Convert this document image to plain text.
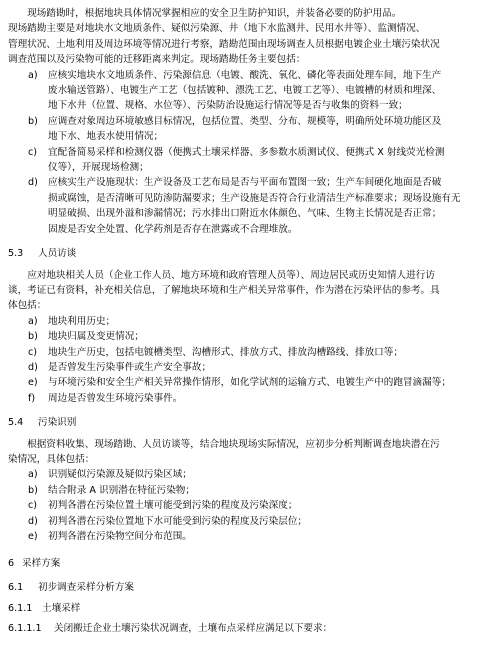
现场踏勘时，根据地块具体情况掌握相应的安全卫生防护知识，并装备必要的防护用品。
现场踏勘主要是对地块水文地质条件、疑似污染源、井（地下水监测井、民用水井等）、监测情况、
管理状况、土地利用及周边环境等情况进行考察，踏勘范围由现场调查人员根据电镀企业土壤污染状况
调查范围以及污染物可能的迁移距离来判定。现场踏勘任务主要包括：

a) 应核实地块水文地质条件、污染源信息（电镀、酸洗、氧化、磷化等表面处理车间，地下生产
废水输送管路）、电镀生产工艺（包括镀种、漂洗工艺、电镀工艺等）、电镀槽的材质和埋深、
地下水井（位置、规格、水位等）、污染防治设施运行情况等是否与收集的资料一致；
b) 应调查对象周边环境敏感目标情况，包括位置、类型、分布、规模等，明确所处环境功能区及
地下水、地表水使用情况；
c) 宜配备简易采样和检测仪器（便携式土壤采样器、多参数水质测试仪、便携式 X 射线荧光检测
仪等），开展现场检测；
d) 应核实生产设施现状：生产设备及工艺布局是否与平面布置图一致；生产车间硬化地面是否破
损或腐蚀，是否清晰可见防渗防漏要求；生产设施是否符合行业清洁生产标准要求；现场设施有无
明显破损、出现外溢和渗漏情况；污水排出口附近水体颜色、气味、生物主长情况是否正常；
固废是否安全处置、化学药剂是否存在泄露或不合理堆放。
5.3 人员访谈

应对地块相关人员（企业工作人员、地方环境和政府管理人员等）、周边居民或历史知情人进行访
谈，考证已有资料，补充相关信息，了解地块环境和生产相关异常事件，作为潜在污染评估的参考。具
体包括：

a) 地块利用历史；
b) 地块归属及变更情况；
c) 地块生产历史，包括电镀槽类型、沟槽形式、排放方式、排放沟槽路线、排放口等；
d) 是否曾发生污染事件或生产安全事故；
e) 与环境污染和安全生产相关异常操作情形，如化学试剂的运输方式、电镀生产中的跑冒滴漏等；
f) 周边是否曾发生环境污染事件。
5.4 污染识别

根据资料收集、现场踏勘、人员访谈等，结合地块现场实际情况，应初步分析判断调查地块潜在污
染情况，具体包括：

a) 识别疑似污染源及疑似污染区域；
b) 结合附录 A 识别潜在特征污染物；
c) 初判各潜在污染位置土壤可能受到污染的程度及污染深度；
d) 初判各潜在污染位置地下水可能受到污染的程度及污染层位；
e) 初判各潜在污染物空间分布范围。
6 采样方案
6.1 初步调查采样分析方案
6.1.1 土壤采样
6.1.1.1 关闭搬迁企业土壤污染状况调查，土壤布点采样应满足以下要求：
